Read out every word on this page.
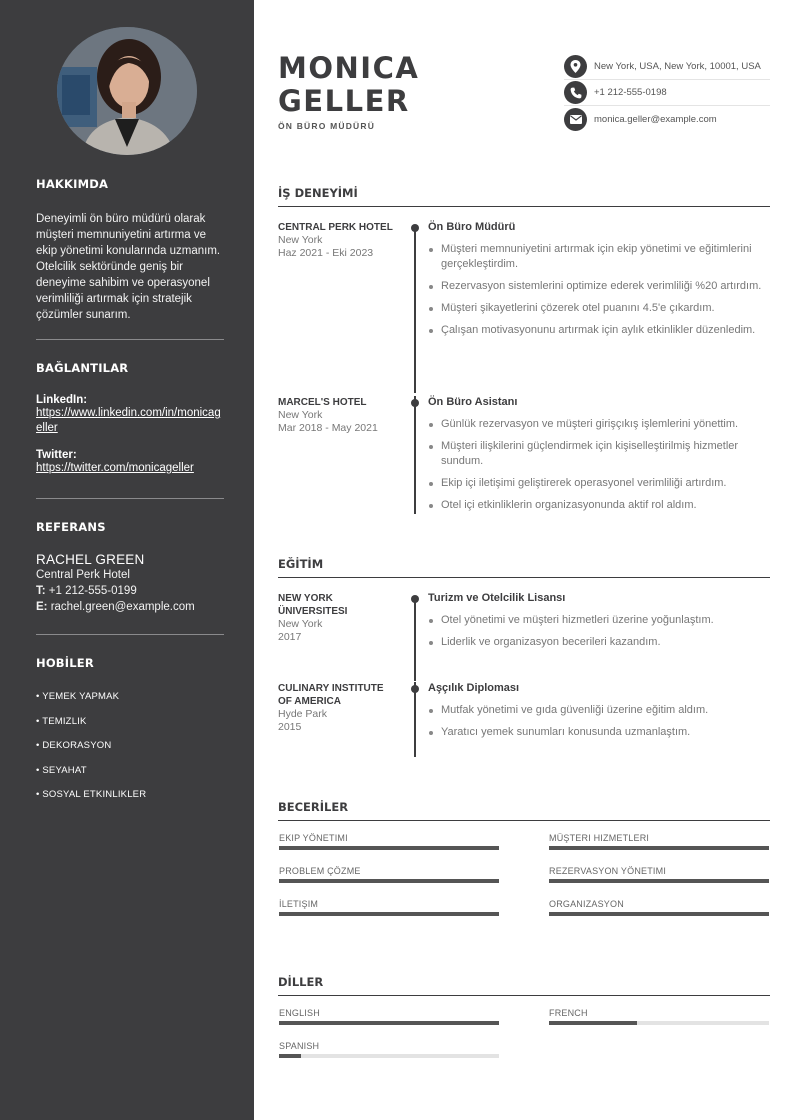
HAKKIMDA
Deneyimli ön büro müdürü olarak müşteri memnuniyetini artırma ve ekip yönetimi konularında uzmanım. Otelcilik sektöründe geniş bir deneyime sahibim ve operasyonel verimliliği artırmak için stratejik çözümler sunarım.
BAĞLANTILAR
LinkedIn:
https://www.linkedin.com/in/monicageller
Twitter:
https://twitter.com/monicageller
REFERANS
RACHEL GREEN
Central Perk Hotel
T: +1 212-555-0199
E: rachel.green@example.com
HOBİLER
• YEMEK YAPMAK
• TEMIZLIK
• DEKORASYON
• SEYAHAT
• SOSYAL ETKINLIKLER
MONICA
GELLER
ÖN BÜRO MÜDÜRÜ
New York, USA, New York, 10001, USA
+1 212-555-0198
monica.geller@example.com
İŞ DENEYİMİ
CENTRAL PERK HOTEL
New York
Haz 2021 - Eki 2023
Ön Büro Müdürü
Müşteri memnuniyetini artırmak için ekip yönetimi ve eğitimlerini gerçekleştirdim.
Rezervasyon sistemlerini optimize ederek verimliliği %20 artırdım.
Müşteri şikayetlerini çözerek otel puanını 4.5'e çıkardım.
Çalışan motivasyonunu artırmak için aylık etkinlikler düzenledim.
MARCEL'S HOTEL
New York
Mar 2018 - May 2021
Ön Büro Asistanı
Günlük rezervasyon ve müşteri girişçıkış işlemlerini yönettim.
Müşteri ilişkilerini güçlendirmek için kişiselleştirilmiş hizmetler sundum.
Ekip içi iletişimi geliştirerek operasyonel verimliliği artırdım.
Otel içi etkinliklerin organizasyonunda aktif rol aldım.
EĞİTİM
NEW YORK ÜNIVERSITESI
New York
2017
Turizm ve Otelcilik Lisansı
Otel yönetimi ve müşteri hizmetleri üzerine yoğunlaştım.
Liderlik ve organizasyon becerileri kazandım.
CULINARY INSTITUTE OF AMERICA
Hyde Park
2015
Aşçılık Diploması
Mutfak yönetimi ve gıda güvenliği üzerine eğitim aldım.
Yaratıcı yemek sunumları konusunda uzmanlaştım.
BECERİLER
EKIP YÖNETIMI	MÜŞTERI HIZMETLERI
PROBLEM ÇÖZME	REZERVASYON YÖNETIMI
İLETIŞIM	ORGANIZASYON
DİLLER
ENGLISH	FRENCH
SPANISH
